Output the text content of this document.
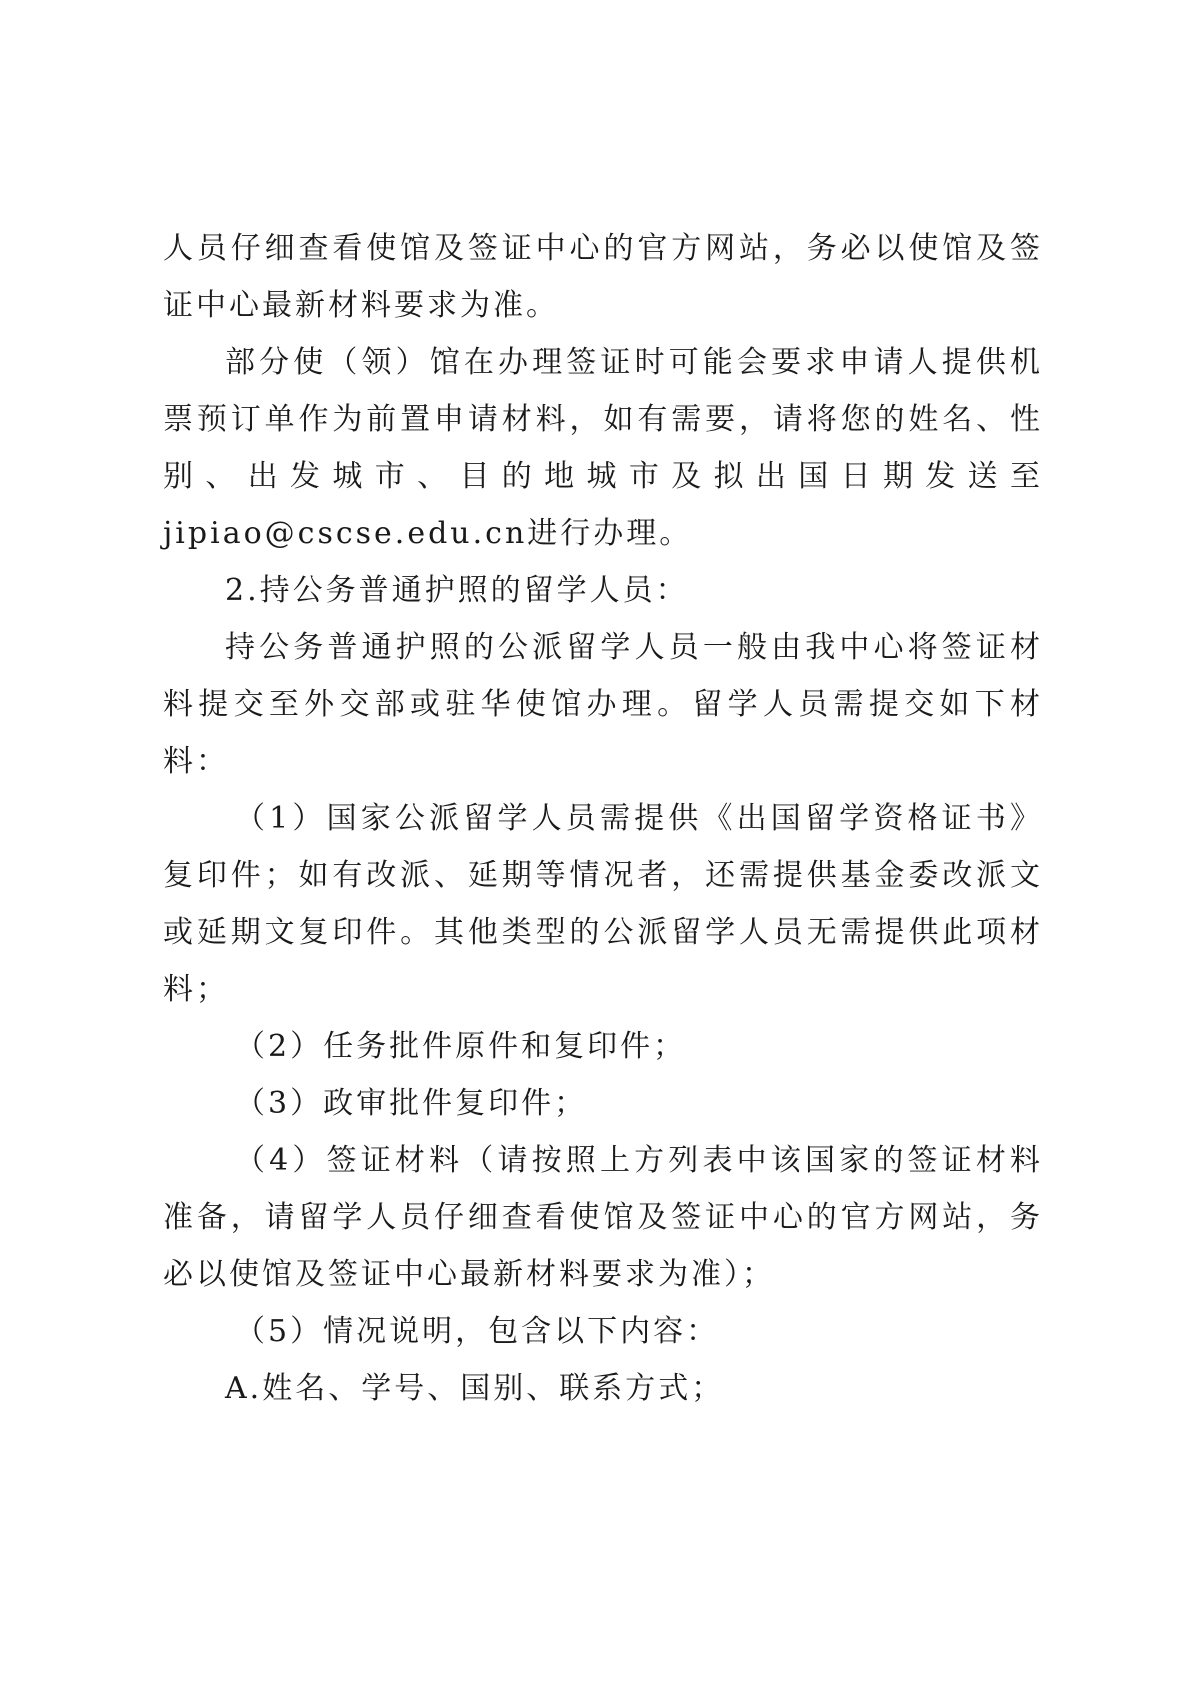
人员仔细查看使馆及签证中心的官方网站，务必以使馆及签证中心最新材料要求为准。

部分使（领）馆在办理签证时可能会要求申请人提供机票预订单作为前置申请材料，如有需要，请将您的姓名、性别、出发城市、目的地城市及拟出国日期发送至jipiao@cscse.edu.cn进行办理。

2.持公务普通护照的留学人员：

持公务普通护照的公派留学人员一般由我中心将签证材料提交至外交部或驻华使馆办理。留学人员需提交如下材料：

（1）国家公派留学人员需提供《出国留学资格证书》复印件；如有改派、延期等情况者，还需提供基金委改派文或延期文复印件。其他类型的公派留学人员无需提供此项材料；

（2）任务批件原件和复印件；

（3）政审批件复印件；

（4）签证材料（请按照上方列表中该国家的签证材料准备，请留学人员仔细查看使馆及签证中心的官方网站，务必以使馆及签证中心最新材料要求为准）；

（5）情况说明，包含以下内容：

A.姓名、学号、国别、联系方式；
